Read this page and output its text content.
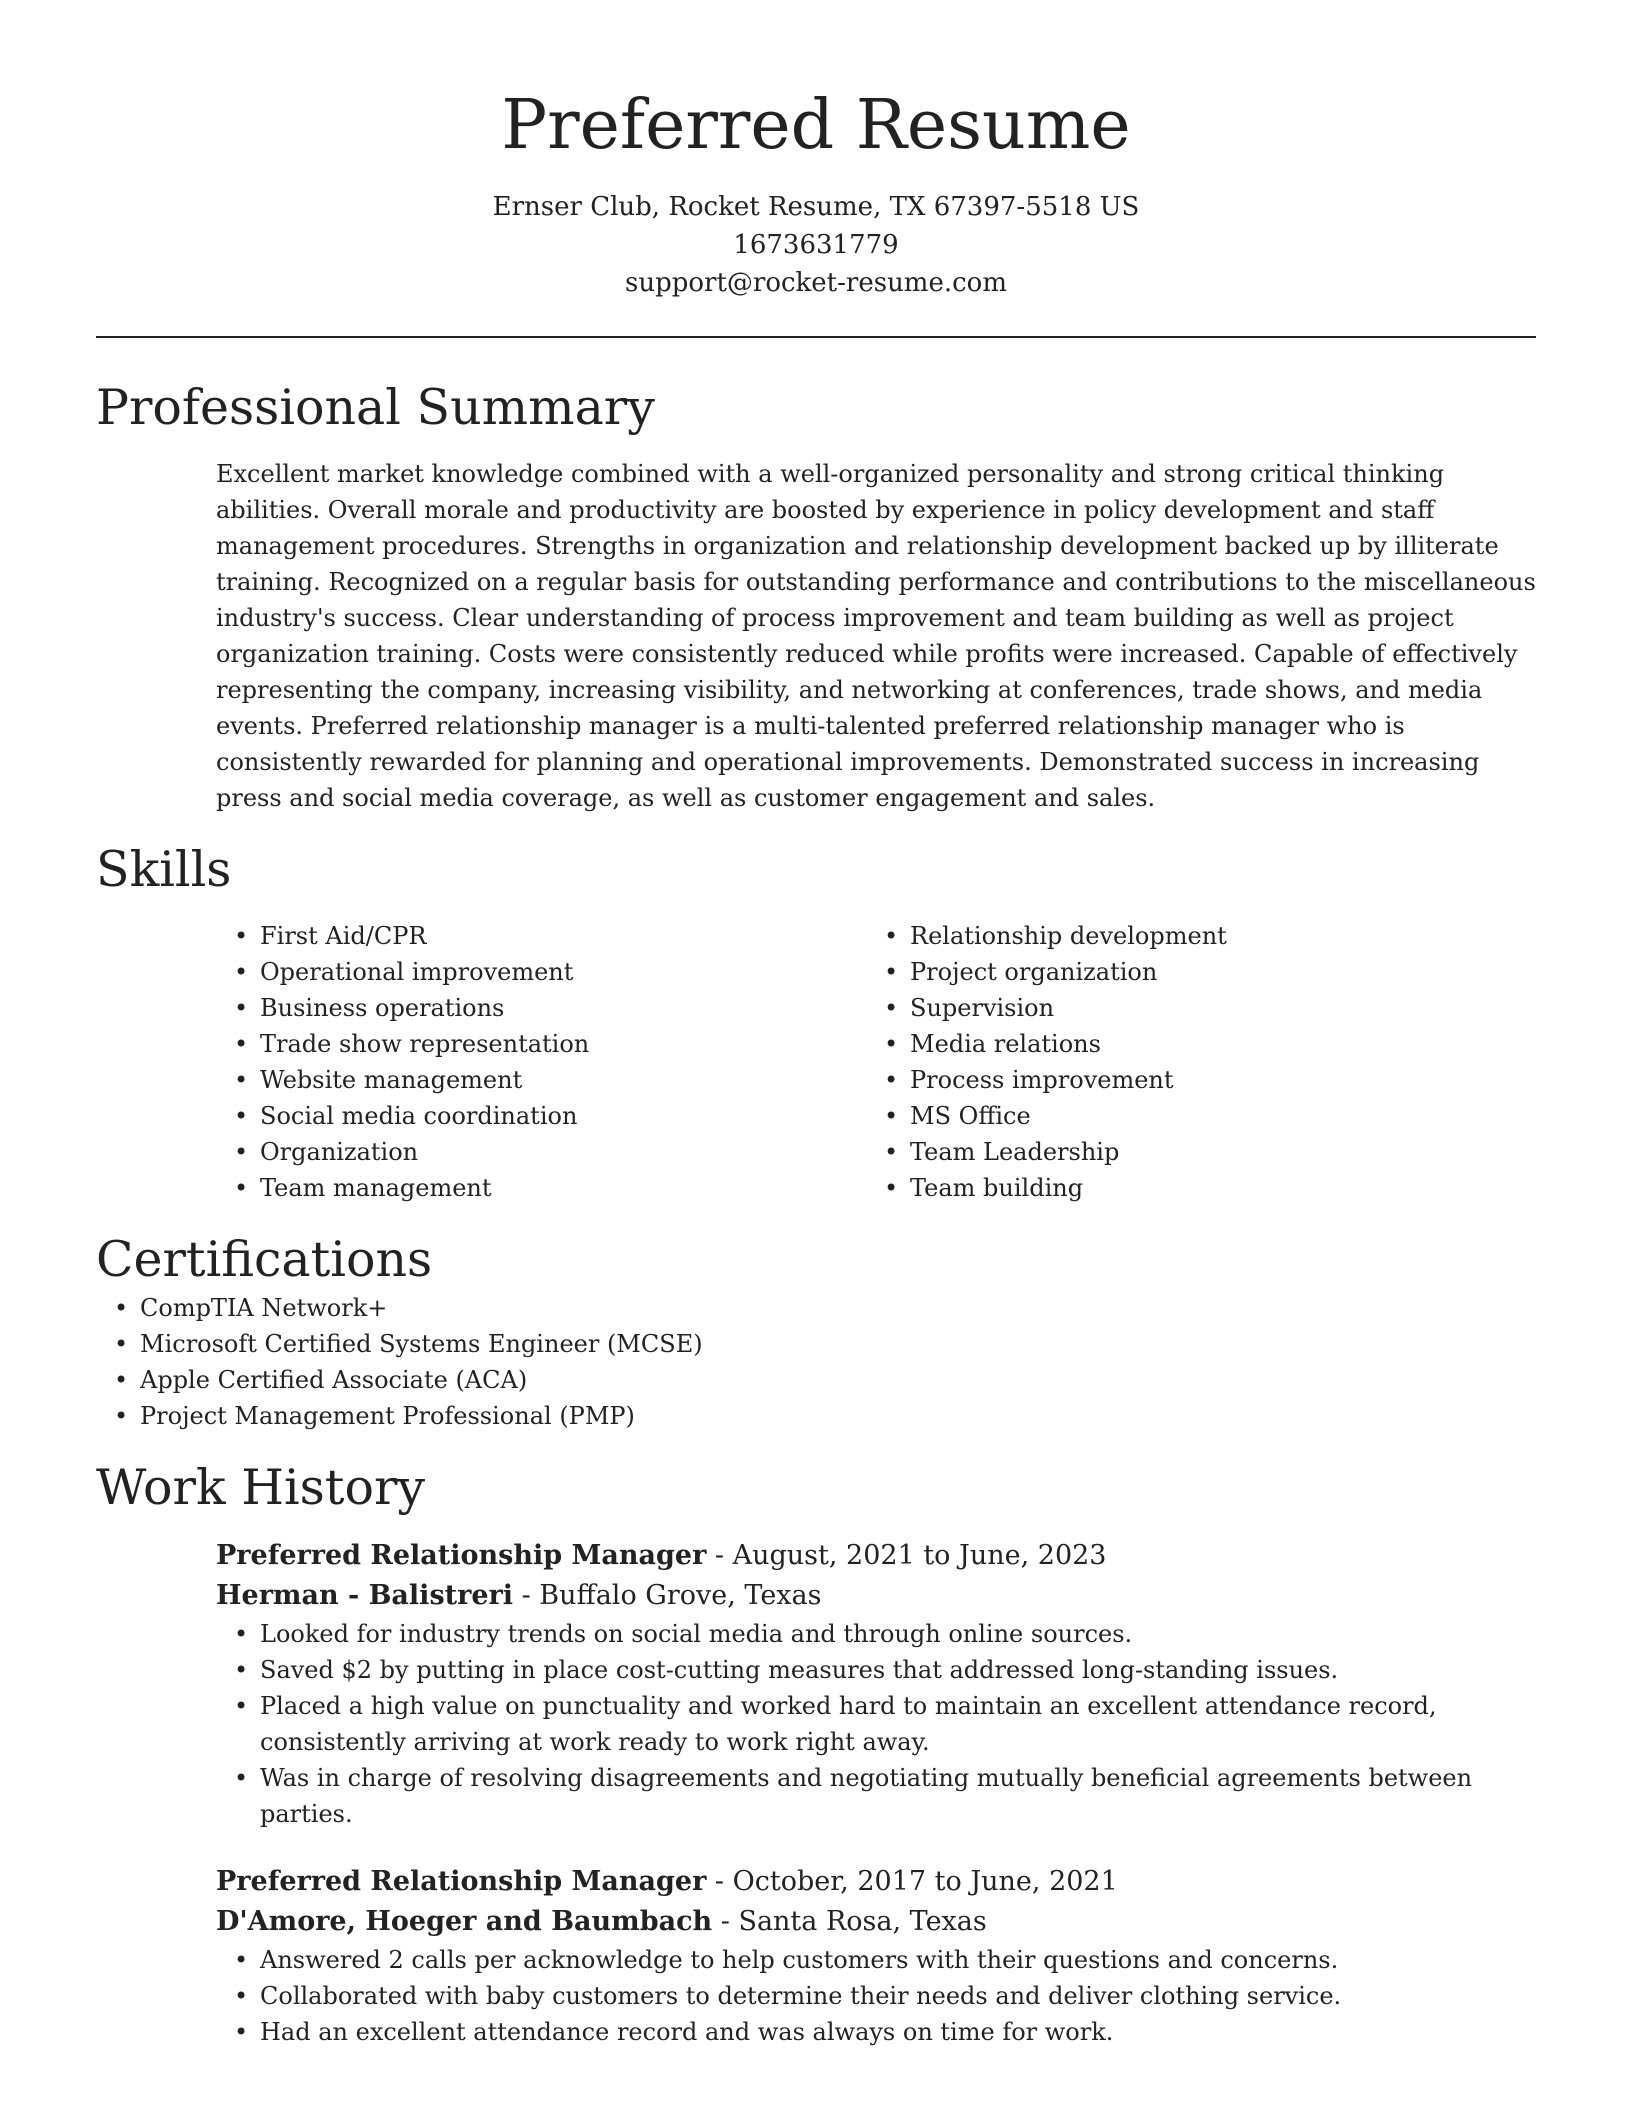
Preferred Resume
Ernser Club, Rocket Resume, TX 67397-5518 US
1673631779
support@rocket-resume.com
Professional Summary

Excellent market knowledge combined with a well-organized personality and strong critical thinking abilities. Overall morale and productivity are boosted by experience in policy development and staff management procedures. Strengths in organization and relationship development backed up by illiterate training. Recognized on a regular basis for outstanding performance and contributions to the miscellaneous industry's success. Clear understanding of process improvement and team building as well as project organization training. Costs were consistently reduced while profits were increased. Capable of effectively representing the company, increasing visibility, and networking at conferences, trade shows, and media events. Preferred relationship manager is a multi-talented preferred relationship manager who is consistently rewarded for planning and operational improvements. Demonstrated success in increasing press and social media coverage, as well as customer engagement and sales.

Skills
• First Aid/CPR
• Operational improvement
• Business operations
• Trade show representation
• Website management
• Social media coordination
• Organization
• Team management
• Relationship development
• Project organization
• Supervision
• Media relations
• Process improvement
• MS Office
• Team Leadership
• Team building
Certifications
• CompTIA Network+
• Microsoft Certified Systems Engineer (MCSE)
• Apple Certified Associate (ACA)
• Project Management Professional (PMP)
Work History
Preferred Relationship Manager - August, 2021 to June, 2023
Herman - Balistreri - Buffalo Grove, Texas
• Looked for industry trends on social media and through online sources.
• Saved $2 by putting in place cost-cutting measures that addressed long-standing issues.
• Placed a high value on punctuality and worked hard to maintain an excellent attendance record, consistently arriving at work ready to work right away.
• Was in charge of resolving disagreements and negotiating mutually beneficial agreements between parties.
Preferred Relationship Manager - October, 2017 to June, 2021
D'Amore, Hoeger and Baumbach - Santa Rosa, Texas
• Answered 2 calls per acknowledge to help customers with their questions and concerns.
• Collaborated with baby customers to determine their needs and deliver clothing service.
• Had an excellent attendance record and was always on time for work.
